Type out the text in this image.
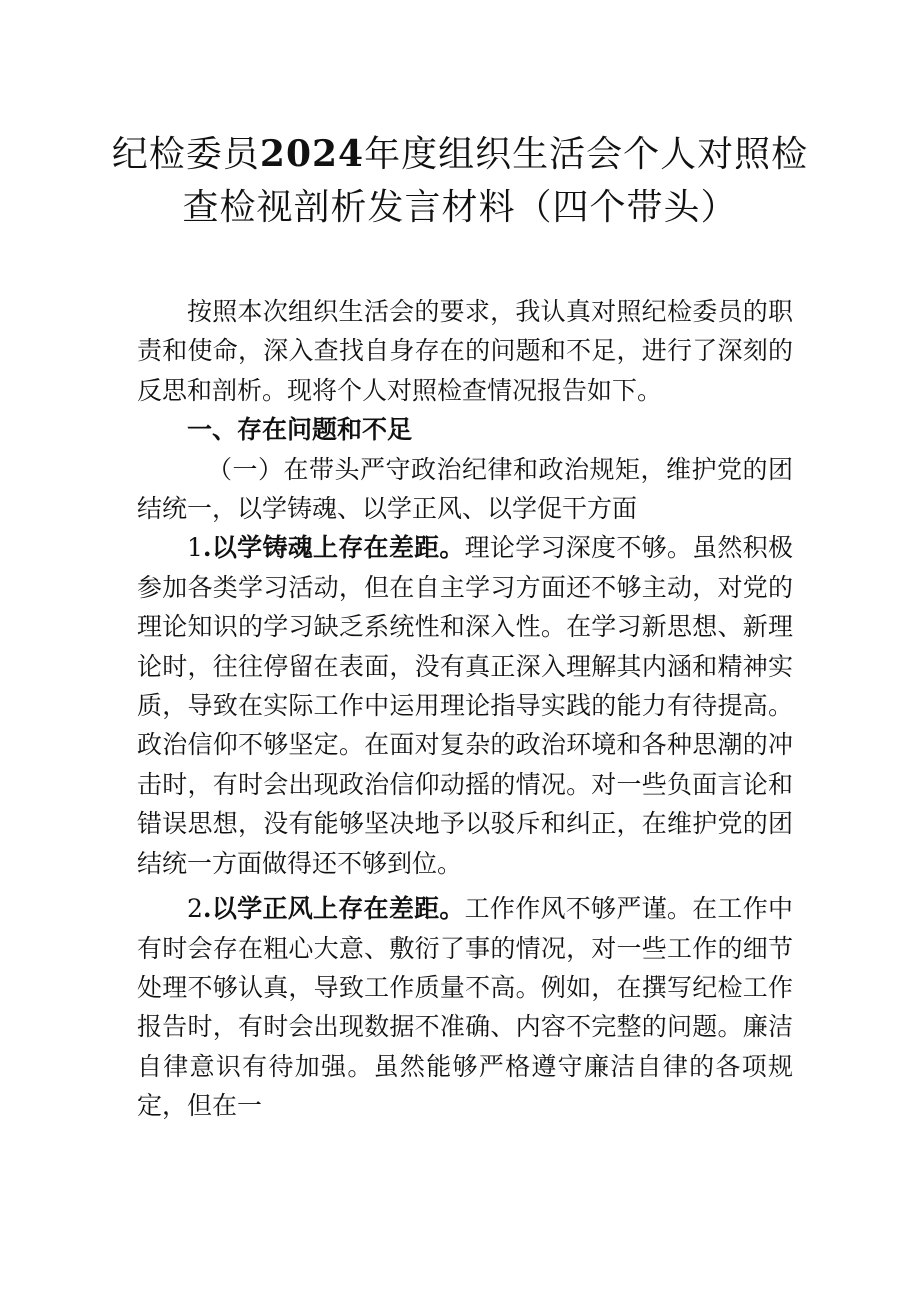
纪检委员2024年度组织生活会个人对照检
查检视剖析发言材料（四个带头）

按照本次组织生活会的要求，我认真对照纪检委员的职责和使命，深入查找自身存在的问题和不足，进行了深刻的反思和剖析。现将个人对照检查情况报告如下。

一、存在问题和不足

（一）在带头严守政治纪律和政治规矩，维护党的团结统一，以学铸魂、以学正风、以学促干方面

1.以学铸魂上存在差距。理论学习深度不够。虽然积极参加各类学习活动，但在自主学习方面还不够主动，对党的理论知识的学习缺乏系统性和深入性。在学习新思想、新理论时，往往停留在表面，没有真正深入理解其内涵和精神实质，导致在实际工作中运用理论指导实践的能力有待提高。政治信仰不够坚定。在面对复杂的政治环境和各种思潮的冲击时，有时会出现政治信仰动摇的情况。对一些负面言论和错误思想，没有能够坚决地予以驳斥和纠正，在维护党的团结统一方面做得还不够到位。

2.以学正风上存在差距。工作作风不够严谨。在工作中有时会存在粗心大意、敷衍了事的情况，对一些工作的细节处理不够认真，导致工作质量不高。例如，在撰写纪检工作报告时，有时会出现数据不准确、内容不完整的问题。廉洁自律意识有待加强。虽然能够严格遵守廉洁自律的各项规定，但在一
